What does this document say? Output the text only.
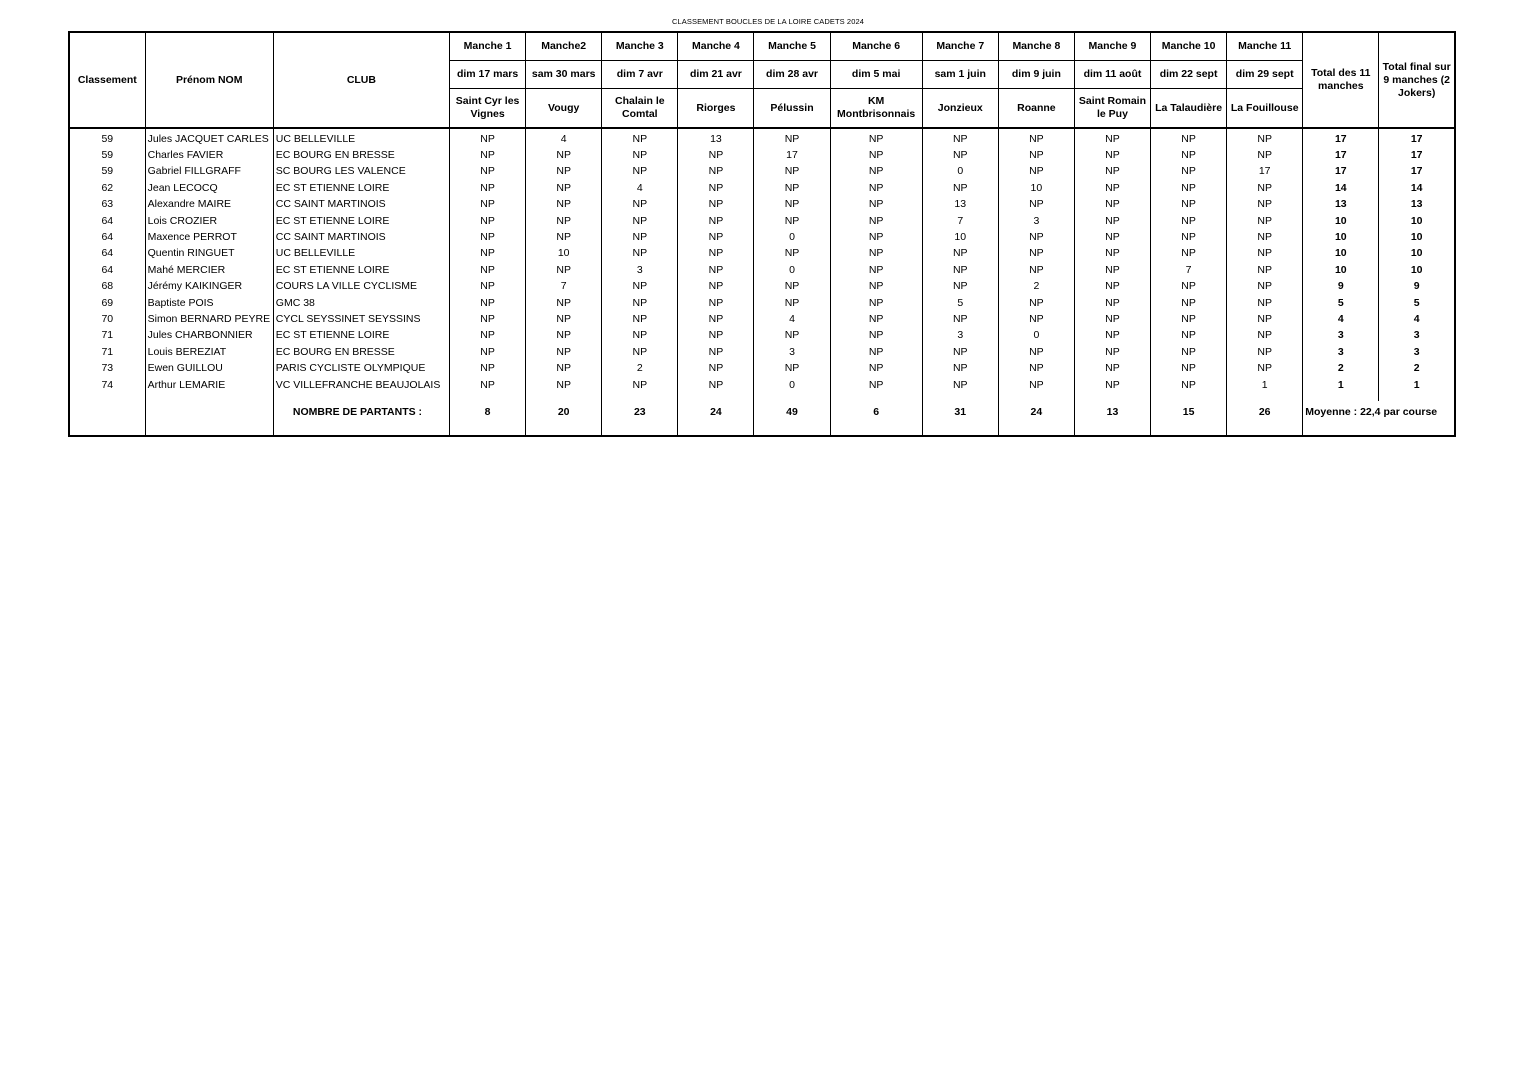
CLASSEMENT BOUCLES DE LA LOIRE CADETS 2024
Classement	Prénom NOM	CLUB	Manche 1	Manche2	Manche 3	Manche 4	Manche 5	Manche 6	Manche 7	Manche 8	Manche 9	Manche 10	Manche 11	Total des 11 manches	Total final sur 9 manches (2 Jokers)
			dim 17 mars	sam 30 mars	dim 7 avr	dim 21 avr	dim 28 avr	dim 5 mai	sam 1 juin	dim 9 juin	dim 11 août	dim 22 sept	dim 29 sept		
			Saint Cyr les Vignes	Vougy	Chalain le Comtal	Riorges	Pélussin	KM Montbrisonnais	Jonzieux	Roanne	Saint Romain le Puy	La Talaudière	La Fouillouse		
59	Jules JACQUET CARLES	UC BELLEVILLE	NP	4	NP	13	NP	NP	NP	NP	NP	NP	NP	17	17
59	Charles FAVIER	EC BOURG EN BRESSE	NP	NP	NP	NP	17	NP	NP	NP	NP	NP	NP	17	17
59	Gabriel FILLGRAFF	SC BOURG LES VALENCE	NP	NP	NP	NP	NP	NP	0	NP	NP	NP	17	17	17
62	Jean LECOCQ	EC ST ETIENNE LOIRE	NP	NP	4	NP	NP	NP	NP	10	NP	NP	NP	14	14
63	Alexandre MAIRE	CC SAINT MARTINOIS	NP	NP	NP	NP	NP	NP	13	NP	NP	NP	NP	13	13
64	Lois CROZIER	EC ST ETIENNE LOIRE	NP	NP	NP	NP	NP	NP	7	3	NP	NP	NP	10	10
64	Maxence PERROT	CC SAINT MARTINOIS	NP	NP	NP	NP	0	NP	10	NP	NP	NP	NP	10	10
64	Quentin RINGUET	UC BELLEVILLE	NP	10	NP	NP	NP	NP	NP	NP	NP	NP	NP	10	10
64	Mahé MERCIER	EC ST ETIENNE LOIRE	NP	NP	3	NP	0	NP	NP	NP	NP	7	NP	10	10
68	Jérémy KAIKINGER	COURS LA VILLE CYCLISME	NP	7	NP	NP	NP	NP	NP	2	NP	NP	NP	9	9
69	Baptiste POIS	GMC 38	NP	NP	NP	NP	NP	NP	5	NP	NP	NP	NP	5	5
70	Simon BERNARD PEYRE	CYCL SEYSSINET SEYSSINS	NP	NP	NP	NP	4	NP	NP	NP	NP	NP	NP	4	4
71	Jules CHARBONNIER	EC ST ETIENNE LOIRE	NP	NP	NP	NP	NP	NP	3	0	NP	NP	NP	3	3
71	Louis BEREZIAT	EC BOURG EN BRESSE	NP	NP	NP	NP	3	NP	NP	NP	NP	NP	NP	3	3
73	Ewen GUILLOU	PARIS CYCLISTE OLYMPIQUE	NP	NP	2	NP	NP	NP	NP	NP	NP	NP	NP	2	2
74	Arthur LEMARIE	VC VILLEFRANCHE BEAUJOLAIS	NP	NP	NP	NP	0	NP	NP	NP	NP	NP	1	1	1

		NOMBRE DE PARTANTS :	8	20	23	24	49	6	31	24	13	15	26	Moyenne : 22,4 par course	
